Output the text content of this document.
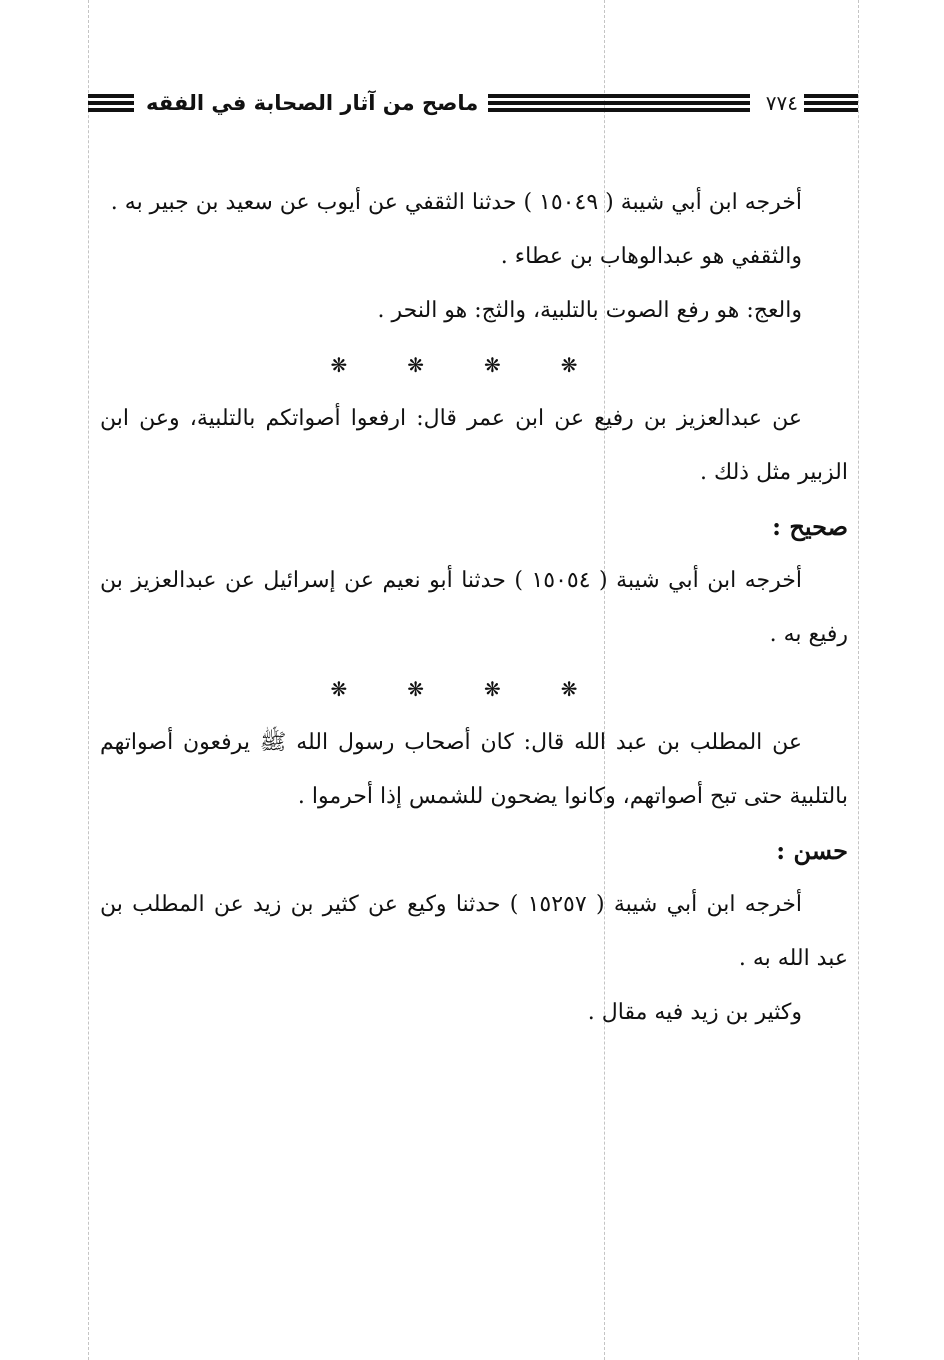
٧٧٤
ماصح من آثار الصحابة في الفقه

أخرجه ابن أبي شيبة ( ١٥٠٤٩ ) حدثنا الثقفي عن أيوب عن سعيد بن جبير به .

والثقفي هو عبدالوهاب بن عطاء .

والعج: هو رفع الصوت بالتلبية، والثج: هو النحر .

❋	❋	❋	❋

عن عبدالعزيز بن رفيع عن ابن عمر قال: ارفعوا أصواتكم بالتلبية، وعن ابن الزبير مثل ذلك .

صحيح :

أخرجه ابن أبي شيبة ( ١٥٠٥٤ ) حدثنا أبو نعيم عن إسرائيل عن عبدالعزيز بن رفيع به .

❋	❋	❋	❋

عن المطلب بن عبد الله قال: كان أصحاب رسول الله ﷺ يرفعون أصواتهم بالتلبية حتى تبح أصواتهم، وكانوا يضحون للشمس إذا أحرموا .

حسن :

أخرجه ابن أبي شيبة ( ١٥٢٥٧ ) حدثنا وكيع عن كثير بن زيد عن المطلب بن عبد الله به .

وكثير بن زيد فيه مقال .
